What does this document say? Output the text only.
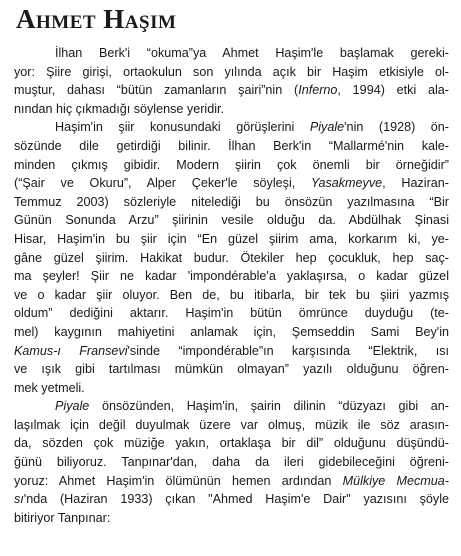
Ahmet Haşim
İlhan Berk'i “okuma”ya Ahmet Haşim'le başlamak gereki-
yor: Şiire girişi, ortaokulun son yılında açık bir Haşim etkisiyle ol-
muştur, dahası “bütün zamanların şairi”nin (Inferno, 1994) etki ala-
nından hiç çıkmadığı söylense yeridir.
Haşim'in şiir konusundaki görüşlerini Piyale'nin (1928) ön-
sözünde dile getirdiği bilinir. İlhan Berk'in “Mallarmé'nin kale-
minden çıkmış gibidir. Modern şiirin çok önemli bir örneğidir”
(“Şair ve Okuru”, Alper Çeker'le söyleşi, Yasakmeyve, Haziran-
Temmuz 2003) sözleriyle nitelediği bu önsözün yazılmasına “Bir
Günün Sonunda Arzu” şiirinin vesile olduğu da. Abdülhak Şinasi
Hisar, Haşim'in bu şiir için “En güzel şiirim ama, korkarım ki, ye-
gâne güzel şiirim. Hakikat budur. Ötekiler hep çocukluk, hep saç-
ma şeyler! Şiir ne kadar 'impondérable'a yaklaşırsa, o kadar güzel
ve o kadar şiir oluyor. Ben de, bu itibarla, bir tek bu şiiri yazmış
oldum” dediğini aktarır. Haşim'in bütün ömrünce duyduğu (te-
mel) kaygının mahiyetini anlamak için, Şemseddin Sami Bey'in
Kamus-ı Fransevi'sinde “impondérable”ın karşısında “Elektrik, ısı
ve ışık gibi tartılması mümkün olmayan” yazılı olduğunu öğren-
mek yetmeli.
Piyale önsözünden, Haşim'in, şairin dilinin “düzyazı gibi an-
laşılmak için değil duyulmak üzere var olmuş, müzik ile söz arasın-
da, sözden çok müziğe yakın, ortaklaşa bir dil” olduğunu düşündü-
ğünü biliyoruz. Tanpınar'dan, daha da ileri gidebileceğini öğreni-
yoruz: Ahmet Haşim'in ölümünün hemen ardından Mülkiye Mecmua-
sı'nda (Haziran 1933) çıkan "Ahmed Haşim'e Dair" yazısını şöyle
bitiriyor Tanpınar:
